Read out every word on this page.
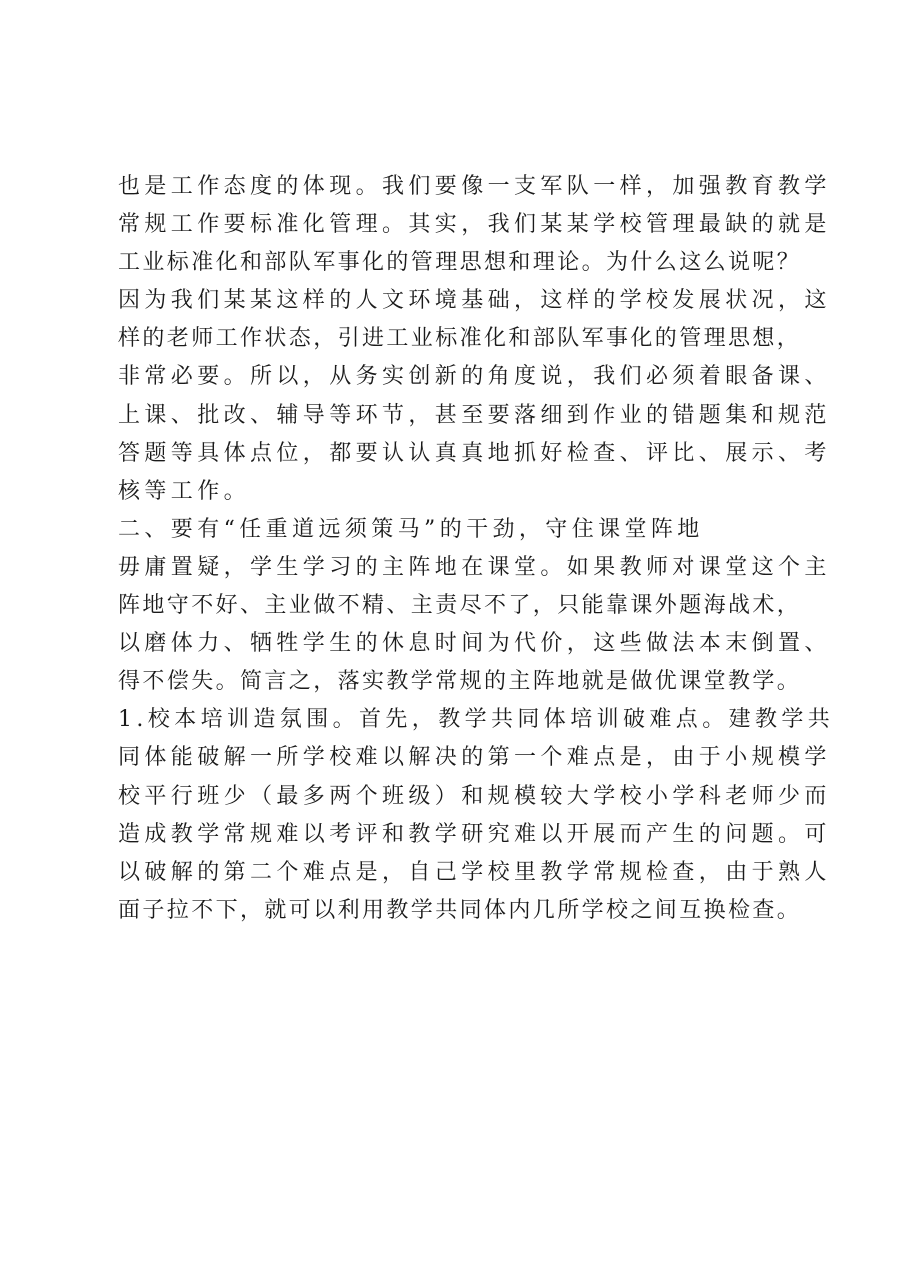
也是工作态度的体现。我们要像一支军队一样，加强教育教学
常规工作要标准化管理。其实，我们某某学校管理最缺的就是
工业标准化和部队军事化的管理思想和理论。为什么这么说呢？
因为我们某某这样的人文环境基础，这样的学校发展状况，这
样的老师工作状态，引进工业标准化和部队军事化的管理思想，
非常必要。所以，从务实创新的角度说，我们必须着眼备课、
上课、批改、辅导等环节，甚至要落细到作业的错题集和规范
答题等具体点位，都要认认真真地抓好检查、评比、展示、考
核等工作。
二、要有“任重道远须策马”的干劲，守住课堂阵地
毋庸置疑，学生学习的主阵地在课堂。如果教师对课堂这个主
阵地守不好、主业做不精、主责尽不了，只能靠课外题海战术，
以磨体力、牺牲学生的休息时间为代价，这些做法本末倒置、
得不偿失。简言之，落实教学常规的主阵地就是做优课堂教学。
1.校本培训造氛围。首先，教学共同体培训破难点。建教学共
同体能破解一所学校难以解决的第一个难点是，由于小规模学
校平行班少（最多两个班级）和规模较大学校小学科老师少而
造成教学常规难以考评和教学研究难以开展而产生的问题。可
以破解的第二个难点是，自己学校里教学常规检查，由于熟人
面子拉不下，就可以利用教学共同体内几所学校之间互换检查。
